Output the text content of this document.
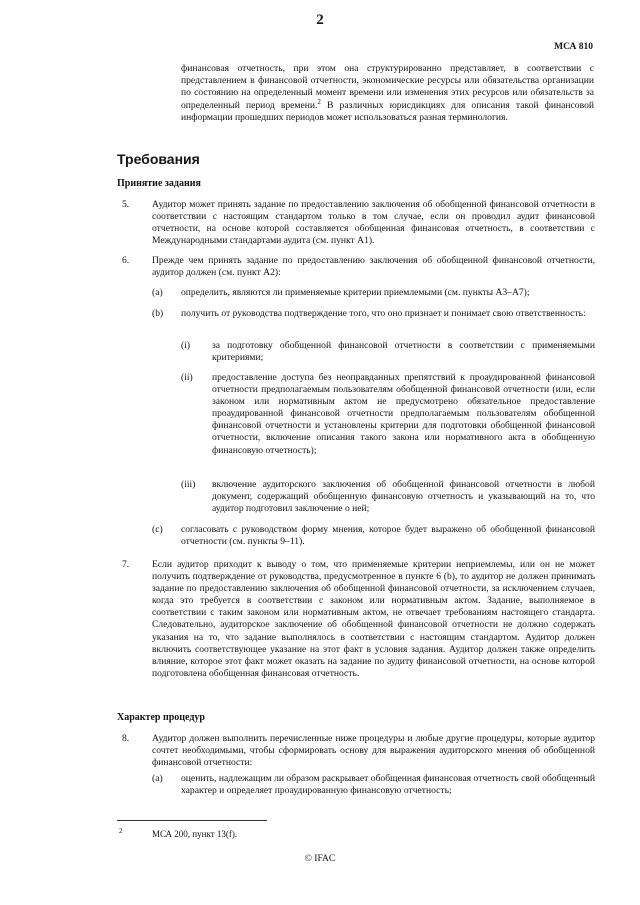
2
МСА 810
финансовая отчетность, при этом она структурированно представляет, в соответствии с представлением в финансовой отчетности, экономические ресурсы или обязательства организации по состоянию на определенный момент времени или изменения этих ресурсов или обязательств за определенный период времени.$^2$ В различных юрисдикциях для описания такой финансовой информации прошедших периодов может использоваться разная терминология.
Требования
Принятие задания
5. Аудитор может принять задание по предоставлению заключения об обобщенной финансовой отчетности в соответствии с настоящим стандартом только в том случае, если он проводил аудит финансовой отчетности, на основе которой составляется обобщенная финансовая отчетность, в соответствии с Международными стандартами аудита (см. пункт А1).
6. Прежде чем принять задание по предоставлению заключения об обобщенной финансовой отчетности, аудитор должен (см. пункт А2):
(a) определить, являются ли применяемые критерии приемлемыми (см. пункты А3–А7);
(b) получить от руководства подтверждение того, что оно признает и понимает свою ответственность:
(i) за подготовку обобщенной финансовой отчетности в соответствии с применяемыми критериями;
(ii) предоставление доступа без неоправданных препятствий к проаудированной финансовой отчетности предполагаемым пользователям обобщенной финансовой отчетности (или, если законом или нормативным актом не предусмотрено обязательное предоставление проаудированной финансовой отчетности предполагаемым пользователям обобщенной финансовой отчетности и установлены критерии для подготовки обобщенной финансовой отчетности, включение описания такого закона или нормативного акта в обобщенную финансовую отчетность);
(iii) включение аудиторского заключения об обобщенной финансовой отчетности в любой документ, содержащий обобщенную финансовую отчетность и указывающий на то, что аудитор подготовил заключение о ней;
(c) согласовать с руководством форму мнения, которое будет выражено об обобщенной финансовой отчетности (см. пункты 9–11).
7. Если аудитор приходит к выводу о том, что применяемые критерии неприемлемы, или он не может получить подтверждение от руководства, предусмотренное в пункте 6 (b), то аудитор не должен принимать задание по предоставлению заключения об обобщенной финансовой отчетности, за исключением случаев, когда это требуется в соответствии с законом или нормативным актом. Задание, выполняемое в соответствии с таким законом или нормативным актом, не отвечает требованиям настоящего стандарта. Следовательно, аудиторское заключение об обобщенной финансовой отчетности не должно содержать указания на то, что задание выполнялось в соответствии с настоящим стандартом. Аудитор должен включить соответствующее указание на этот факт в условия задания. Аудитор должен также определить влияние, которое этот факт может оказать на задание по аудиту финансовой отчетности, на основе которой подготовлена обобщенная финансовая отчетность.
Характер процедур
8. Аудитор должен выполнить перечисленные ниже процедуры и любые другие процедуры, которые аудитор сочтет необходимыми, чтобы сформировать основу для выражения аудиторского мнения об обобщенной финансовой отчетности:
(a) оценить, надлежащим ли образом раскрывает обобщенная финансовая отчетность свой обобщенный характер и определяет проаудированную финансовую отчетность;
2	МСА 200, пункт 13(f).
© IFAC
